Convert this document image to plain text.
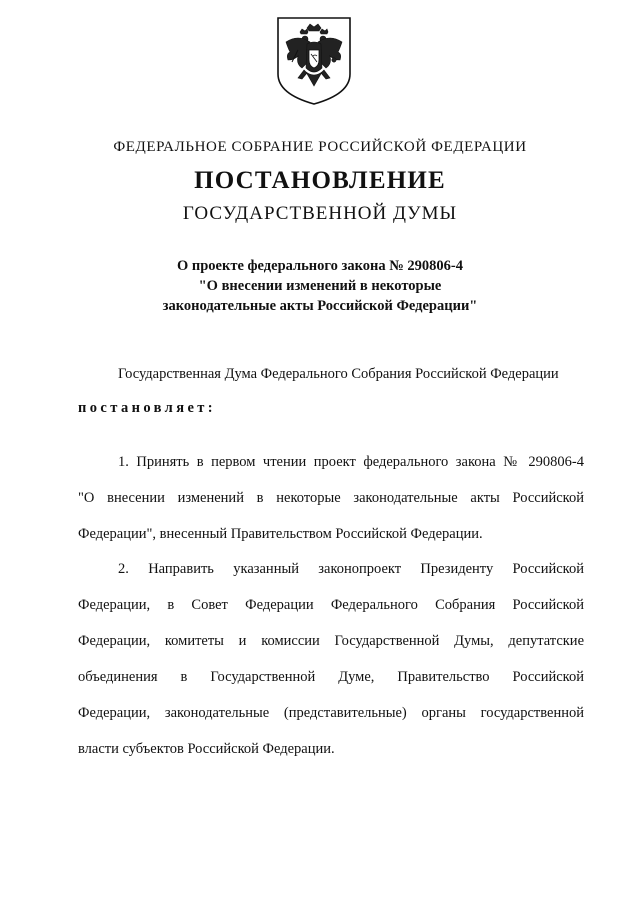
ФЕДЕРАЛЬНОЕ СОБРАНИЕ РОССИЙСКОЙ ФЕДЕРАЦИИ
ПОСТАНОВЛЕНИЕ
ГОСУДАРСТВЕННОЙ ДУМЫ
О проекте федерального закона № 290806-4
"О внесении изменений в некоторые
законодательные акты Российской Федерации"
Государственная Дума Федерального Собрания Российской Федерации
постановляет:
1. Принять в первом чтении проект федерального закона № 290806-4
"О внесении изменений в некоторые законодательные акты Российской
Федерации", внесенный Правительством Российской Федерации.
2. Направить указанный законопроект Президенту Российской
Федерации, в Совет Федерации Федерального Собрания Российской
Федерации, комитеты и комиссии Государственной Думы, депутатские
объединения в Государственной Думе, Правительство Российской
Федерации, законодательные (представительные) органы государственной
власти субъектов Российской Федерации.
